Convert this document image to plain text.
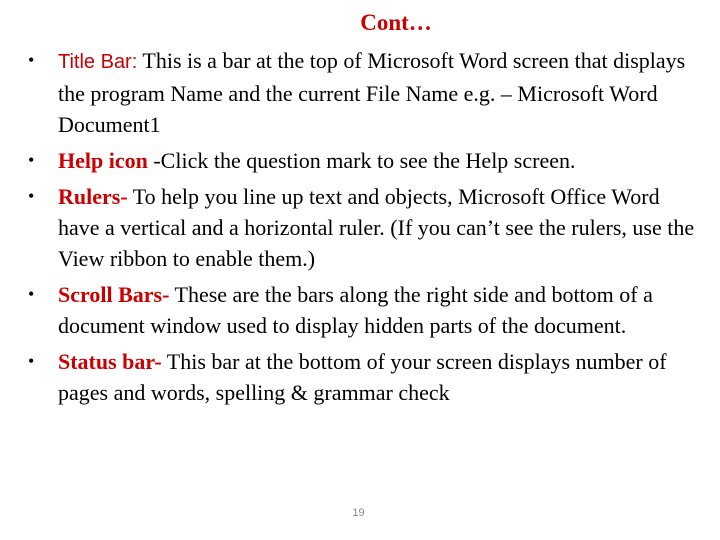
Cont…
• Title Bar: This is a bar at the top of Microsoft Word screen that displays the program Name and the current File Name e.g. – Microsoft Word Document1
• Help icon -Click the question mark to see the Help screen.
• Rulers- To help you line up text and objects, Microsoft Office Word have a vertical and a horizontal ruler. (If you can’t see the rulers, use the View ribbon to enable them.)
• Scroll Bars- These are the bars along the right side and bottom of a document window used to display hidden parts of the document.
• Status bar- This bar at the bottom of your screen displays number of pages and words, spelling & grammar check
19
